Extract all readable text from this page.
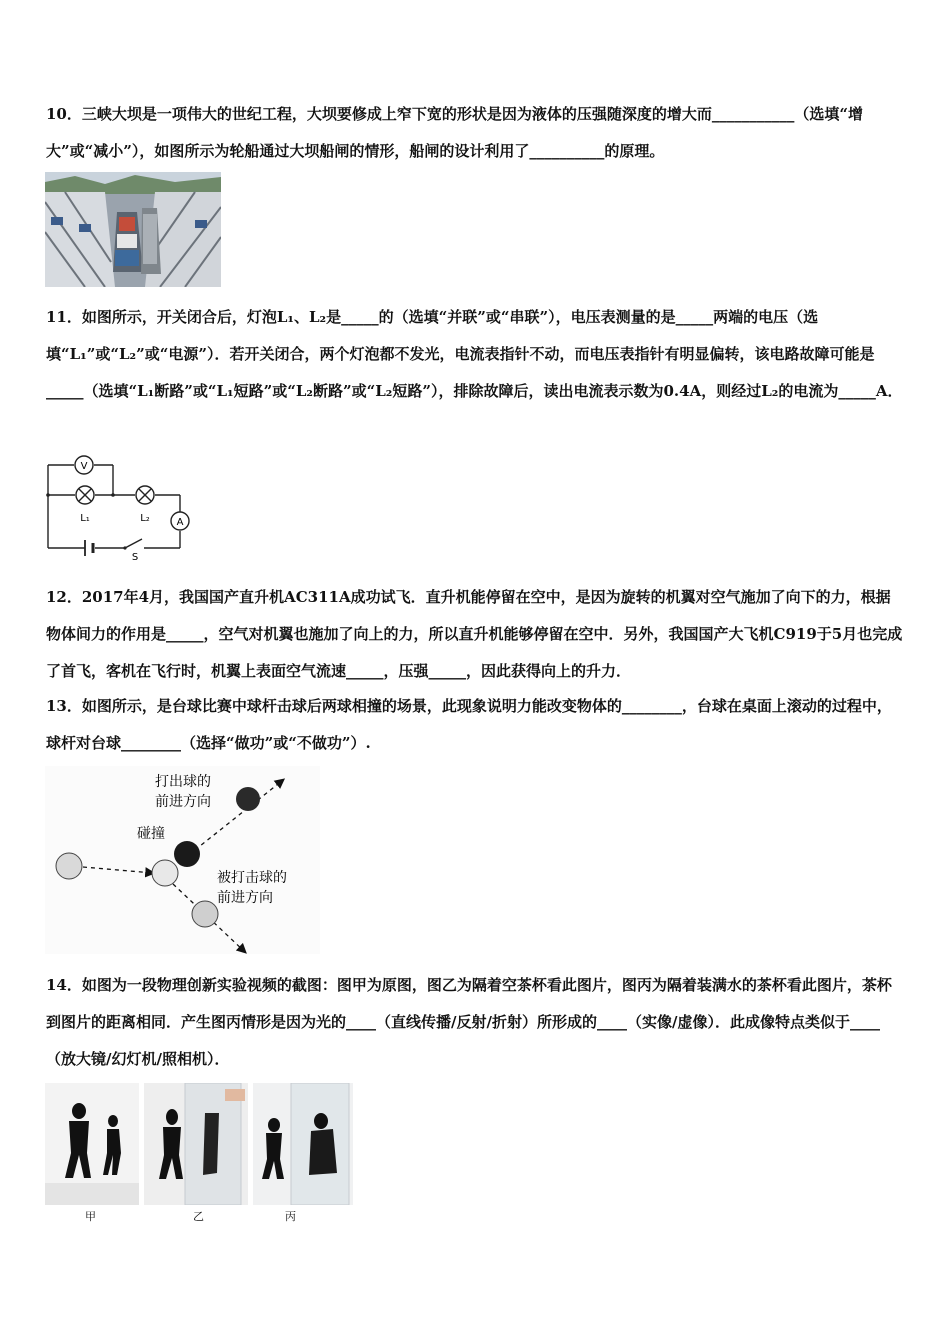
10．三峡大坝是一项伟大的世纪工程，大坝要修成上窄下宽的形状是因为液体的压强随深度的增大而___________（选填“增大”或“减小”），如图所示为轮船通过大坝船闸的情形，船闸的设计利用了__________的原理。
11．如图所示，开关闭合后，灯泡L₁、L₂是_____的（选填“并联”或“串联”），电压表测量的是_____两端的电压（选填“L₁”或“L₂”或“电源”）．若开关闭合，两个灯泡都不发光，电流表指针不动，而电压表指针有明显偏转，该电路故障可能是_____（选填“L₁断路”或“L₁短路”或“L₂断路”或“L₂短路”），排除故障后，读出电流表示数为0.4A，则经过L₂的电流为_____A．
V
A
L₁	L₂
S
12．2017年4月，我国国产直升机AC311A成功试飞．直升机能停留在空中，是因为旋转的机翼对空气施加了向下的力，根据物体间力的作用是_____，空气对机翼也施加了向上的力，所以直升机能够停留在空中．另外，我国国产大飞机C919于5月也完成了首飞，客机在飞行时，机翼上表面空气流速_____，压强_____，因此获得向上的升力．
13．如图所示，是台球比赛中球杆击球后两球相撞的场景，此现象说明力能改变物体的________，台球在桌面上滚动的过程中，球杆对台球________（选择“做功”或“不做功”）.
打出球的前进方向
碰撞
被打击球的前进方向
14．如图为一段物理创新实验视频的截图：图甲为原图，图乙为隔着空茶杯看此图片，图丙为隔着装满水的茶杯看此图片，茶杯到图片的距离相同．产生图丙情形是因为光的____（直线传播/反射/折射）所形成的____（实像/虚像）．此成像特点类似于____（放大镜/幻灯机/照相机）．
甲	乙	丙
